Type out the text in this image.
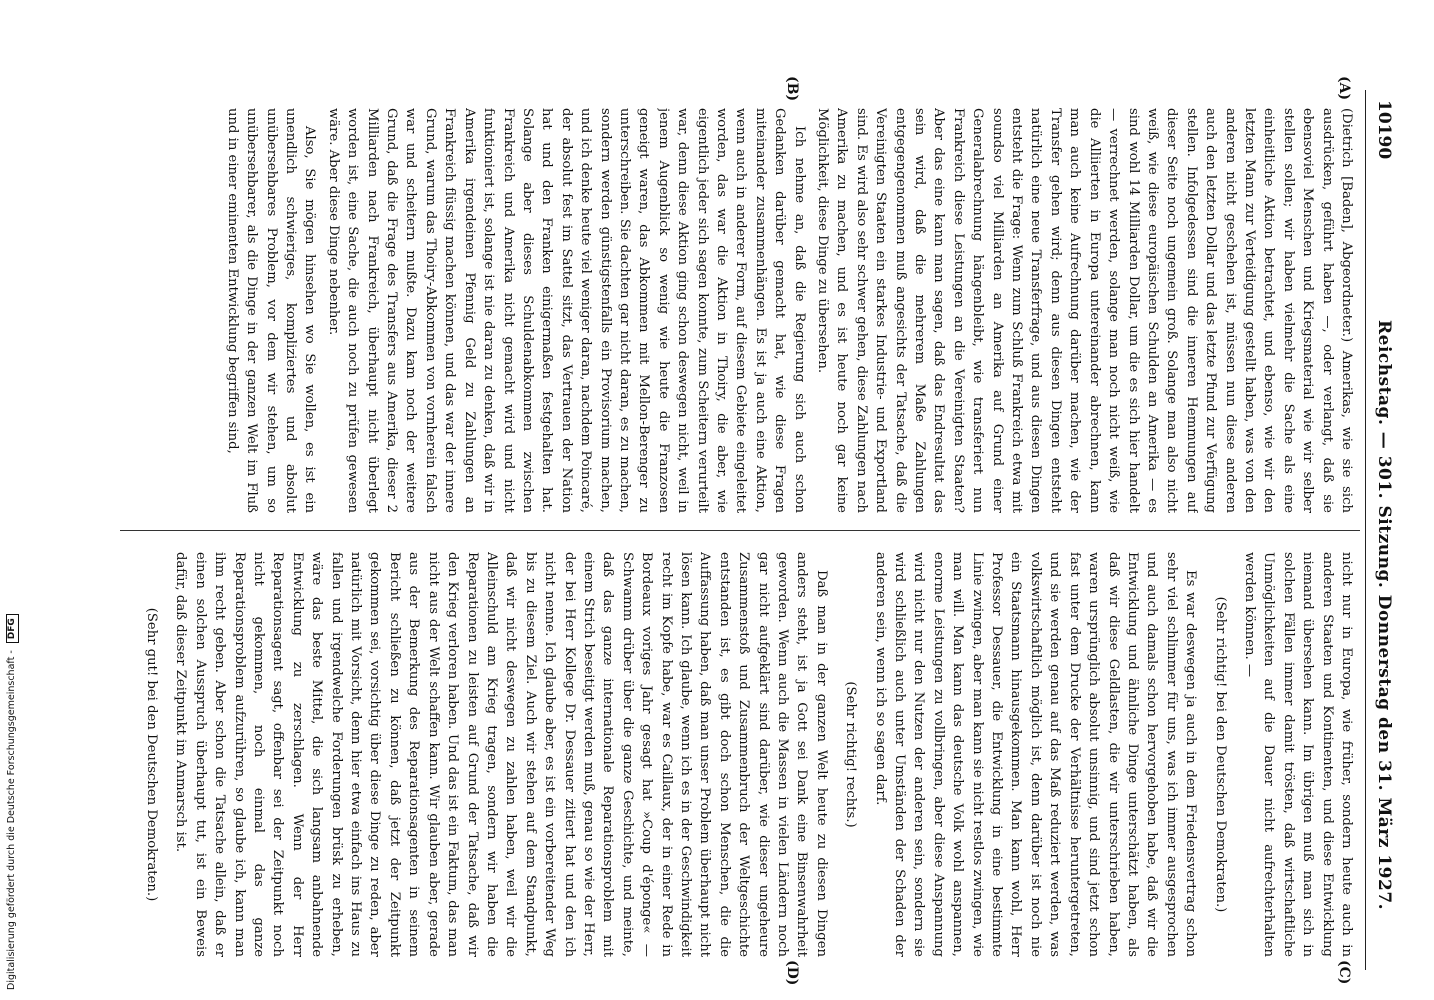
10190
Reichstag. — 301. Sitzung. Donnerstag den 31. März 1927.
(A)
(B)
(C)
(D)

(Dietrich [Baden], Abgeordneter.) Amerikas, wie sie sich ausdrücken, geführt haben —, oder verlangt, daß sie ebensoviel Menschen und Kriegsmaterial wie wir selber stellen sollen; wir haben vielmehr die Sache als eine einheitliche Aktion betrachtet, und ebenso, wie wir den letzten Mann zur Verteidigung gestellt haben, was von den anderen nicht geschehen ist, müssen nun diese anderen auch den letzten Dollar und das letzte Pfund zur Verfügung stellen. Infolgedessen sind die inneren Hemmungen auf dieser Seite noch ungemein groß. Solange man also nicht weiß, wie diese europäischen Schulden an Amerika — es sind wohl 14 Milliarden Dollar, um die es sich hier handelt — verrechnet werden, solange man noch nicht weiß, wie die Alliierten in Europa untereinander abrechnen, kann man auch keine Aufrechnung darüber machen, wie der Transfer gehen wird; denn aus diesen Dingen entsteht natürlich eine neue Transferfrage, und aus diesen Dingen entsteht die Frage: Wenn zum Schluß Frankreich etwa mit soundso viel Milliarden an Amerika auf Grund einer Generalabrechnung hängenbleibt, wie transferiert nun Frankreich diese Leistungen an die Vereinigten Staaten? Aber das eine kann man sagen, daß das Endresultat das sein wird, daß die mehrerem Maße Zahlungen entgegengenommen muß angesichts der Tatsache, daß die Vereinigten Staaten ein starkes Industrie- und Exportland sind. Es wird also sehr schwer gehen, diese Zahlungen nach Amerika zu machen, und es ist heute noch gar keine Möglichkeit, diese Dinge zu übersehen.

Ich nehme an, daß die Regierung sich auch schon Gedanken darüber gemacht hat, wie diese Fragen miteinander zusammenhängen. Es ist ja auch eine Aktion, wenn auch in anderer Form, auf diesem Gebiete eingeleitet worden, das war die Aktion in Thoiry, die aber, wie eigentlich jeder sich sagen konnte, zum Scheitern verurteilt war, denn diese Aktion ging schon deswegen nicht, weil in jenem Augenblick so wenig wie heute die Franzosen geneigt waren, das Abkommen mit Mellon-Berenger zu unterschreiben. Sie dachten gar nicht daran, es zu machen, sondern werden günstigstenfalls ein Provisorium machen, und ich denke heute viel weniger daran, nachdem Poincaré, der absolut fest im Sattel sitzt, das Vertrauen der Nation hat und den Franken einigermaßen festgehalten hat. Solange aber dieses Schuldenabkommen zwischen Frankreich und Amerika nicht gemacht wird und nicht funktioniert ist, solange ist nie daran zu denken, daß wir in Amerika irgendeinen Pfennig Geld zu Zahlungen an Frankreich flüssig machen können, und das war der innere Grund, warum das Thoiry-Abkommen von vornherein falsch war und scheitern mußte. Dazu kam noch der weitere Grund, daß die Frage des Transfers aus Amerika, dieser 2 Milliarden nach Frankreich, überhaupt nicht überlegt worden ist, eine Sache, die auch noch zu prüfen gewesen wäre. Aber diese Dinge nebenher.

Also, Sie mögen hinsehen wo Sie wollen, es ist ein unendlich schwieriges, kompliziertes und absolut unübersehbares Problem, vor dem wir stehen, um so unübersehbarer, als die Dinge in der ganzen Welt im Fluß und in einer eminenten Entwicklung begriffen sind,

nicht nur in Europa, wie früher, sondern heute auch in anderen Staaten und Kontinenten, und diese Entwicklung niemand übersehen kann. Im übrigen muß man sich in solchen Fällen immer damit trösten, daß wirtschaftliche Unmöglichkeiten auf die Dauer nicht aufrechterhalten werden können. —

(Sehr richtig! bei den Deutschen Demokraten.)

Es war deswegen ja auch in dem Friedensvertrag schon sehr viel schlimmer für uns, was ich immer ausgesprochen und auch damals schon hervorgehoben habe, daß wir die Entwicklung und ähnliche Dinge unterschätzt haben, als daß wir diese Geldlasten, die wir unterschrieben haben, waren ursprünglich absolut unsinnig, und sind jetzt schon fast unter dem Drucke der Verhältnisse heruntergetreten, und sie werden genau auf das Maß reduziert werden, was volkswirtschaftlich möglich ist, denn darüber ist noch nie ein Staatsmann hinausgekommen. Man kann wohl, Herr Professor Dessauer, die Entwicklung in eine bestimmte Linie zwingen, aber man kann sie nicht restlos zwingen, wie man will. Man kann das deutsche Volk wohl anspannen, enorme Leistungen zu vollbringen, aber diese Anspannung wird nicht nur den Nutzen der anderen sein, sondern sie wird schließlich auch unter Umständen der Schaden der anderen sein, wenn ich so sagen darf.

(Sehr richtig! rechts.)

Daß man in der ganzen Welt heute zu diesen Dingen anders steht, ist ja Gott sei Dank eine Binsenwahrheit geworden. Wenn auch die Massen in vielen Ländern noch gar nicht aufgeklärt sind darüber, wie dieser ungeheure Zusammenstoß und Zusammenbruch der Weltgeschichte entstanden ist, es gibt doch schon Menschen, die die Auffassung haben, daß man unser Problem überhaupt nicht lösen kann. Ich glaube, wenn ich es in der Geschwindigkeit recht im Kopfe habe, war es Caillaux, der in einer Rede in Bordeaux voriges Jahr gesagt hat »Coup d'éponge« — Schwamm drüber über die ganze Geschichte, und meinte, daß das ganze internationale Reparationsproblem mit einem Strich beseitigt werden muß, genau so wie der Herr, der bei Herr Kollege Dr. Dessauer zitiert hat und den ich nicht nenne. Ich glaube aber, es ist ein vorbereitender Weg bis zu diesem Ziel. Auch wir stehen auf dem Standpunkt, daß wir nicht deswegen zu zahlen haben, weil wir die Alleinschuld am Krieg tragen, sondern wir haben die Reparationen zu leisten auf Grund der Tatsache, daß wir den Krieg verloren haben. Und das ist ein Faktum, das man nicht aus der Welt schaffen kann. Wir glauben aber, gerade aus der Bemerkung des Reparationsagenten in seinem Bericht schließen zu können, daß jetzt der Zeitpunkt gekommen sei, vorsichtig über diese Dinge zu reden, aber natürlich mit Vorsicht, denn hier etwa einfach ins Haus zu fallen und irgendwelche Forderungen brüsk zu erheben, wäre das beste Mittel, die sich langsam anbahnende Entwicklung zu zerschlagen. Wenn der Herr Reparationsagent sagt, offenbar sei der Zeitpunkt noch nicht gekommen, noch einmal das ganze Reparationsproblem aufzurühren, so glaube ich, kann man ihm recht geben. Aber schon die Tatsache allein, daß er einen solchen Ausspruch überhaupt tut, ist ein Beweis dafür, daß dieser Zeitpunkt im Anmarsch ist.

(Sehr gut! bei den Deutschen Demokraten.)

Digitalisierung gefördert durch die Deutsche Forschungsgemeinschaft - DFG
